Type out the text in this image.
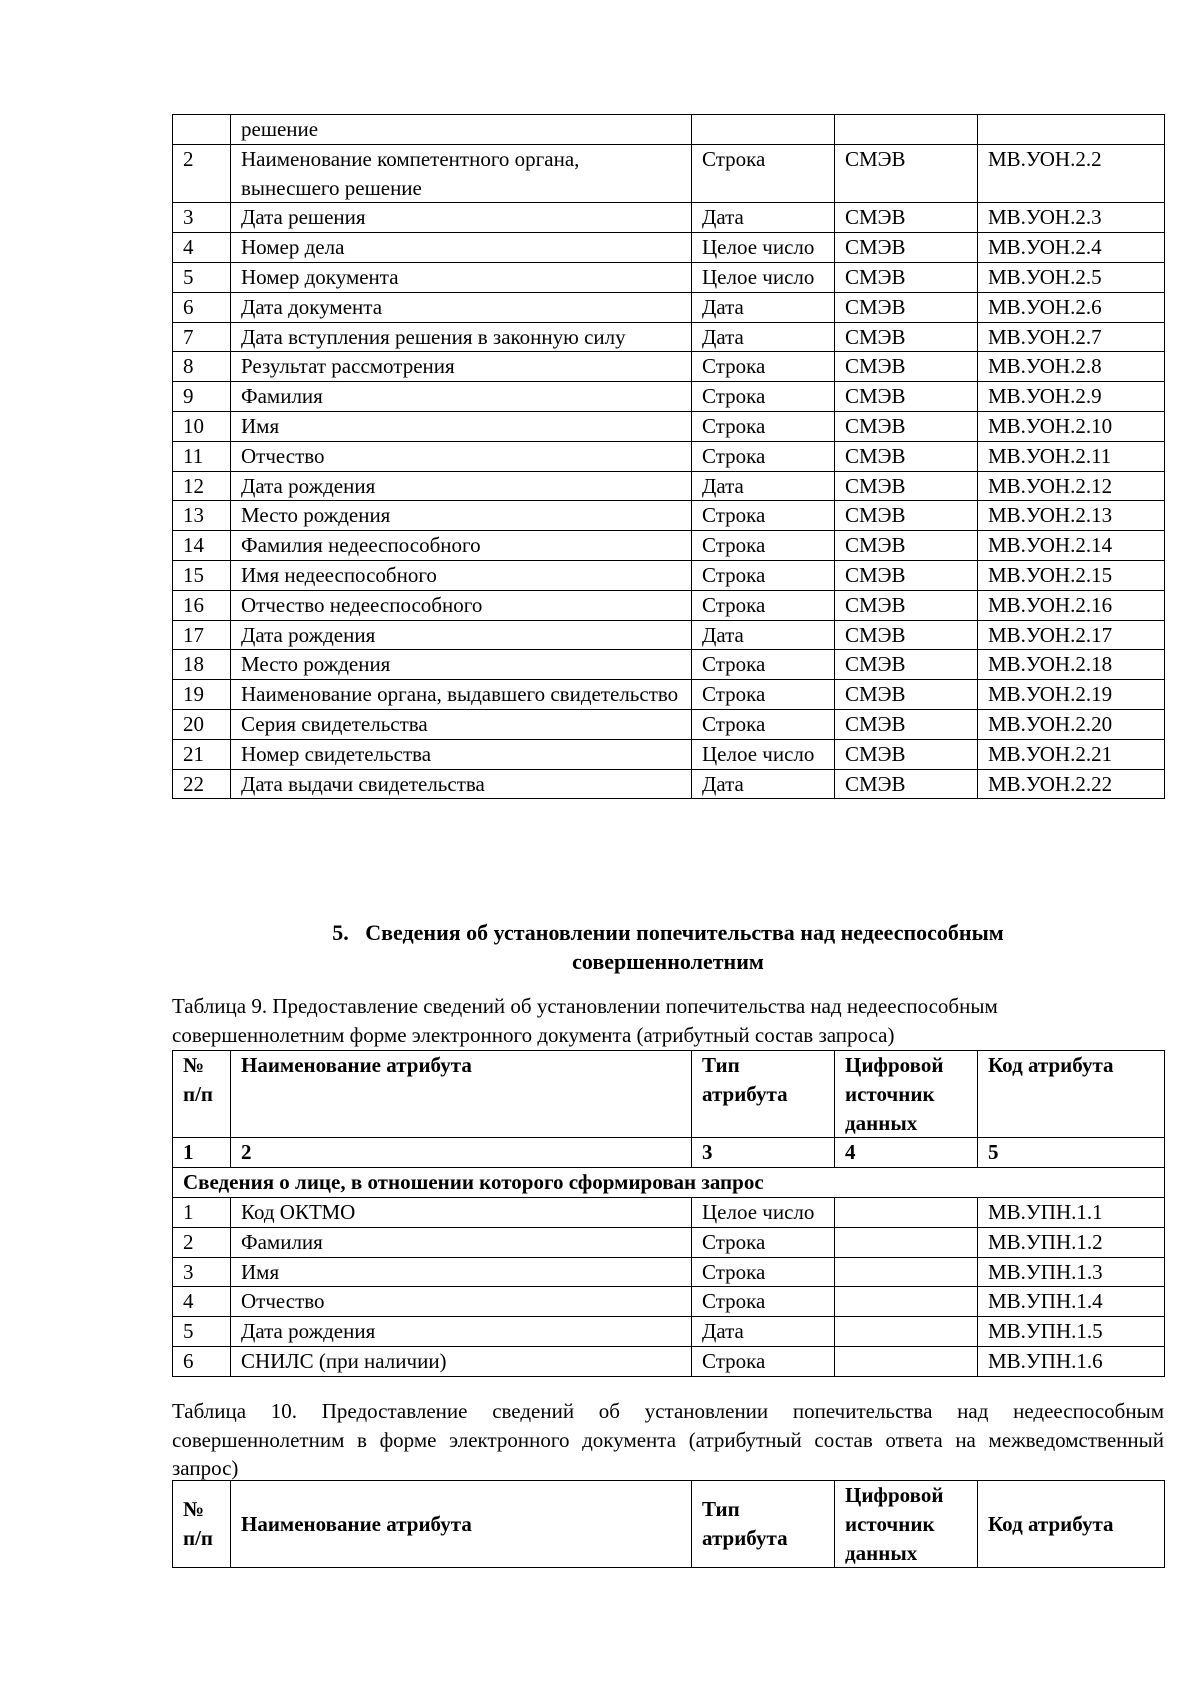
	решение			
2	Наименование компетентного органа, вынесшего решение	Строка	СМЭВ	МВ.УОН.2.2
3	Дата решения	Дата	СМЭВ	МВ.УОН.2.3
4	Номер дела	Целое число	СМЭВ	МВ.УОН.2.4
5	Номер документа	Целое число	СМЭВ	МВ.УОН.2.5
6	Дата документа	Дата	СМЭВ	МВ.УОН.2.6
7	Дата вступления решения в законную силу	Дата	СМЭВ	МВ.УОН.2.7
8	Результат рассмотрения	Строка	СМЭВ	МВ.УОН.2.8
9	Фамилия	Строка	СМЭВ	МВ.УОН.2.9
10	Имя	Строка	СМЭВ	МВ.УОН.2.10
11	Отчество	Строка	СМЭВ	МВ.УОН.2.11
12	Дата рождения	Дата	СМЭВ	МВ.УОН.2.12
13	Место рождения	Строка	СМЭВ	МВ.УОН.2.13
14	Фамилия недееспособного	Строка	СМЭВ	МВ.УОН.2.14
15	Имя недееспособного	Строка	СМЭВ	МВ.УОН.2.15
16	Отчество недееспособного	Строка	СМЭВ	МВ.УОН.2.16
17	Дата рождения	Дата	СМЭВ	МВ.УОН.2.17
18	Место рождения	Строка	СМЭВ	МВ.УОН.2.18
19	Наименование органа, выдавшего свидетельство	Строка	СМЭВ	МВ.УОН.2.19
20	Серия свидетельства	Строка	СМЭВ	МВ.УОН.2.20
21	Номер свидетельства	Целое число	СМЭВ	МВ.УОН.2.21
22	Дата выдачи свидетельства	Дата	СМЭВ	МВ.УОН.2.22
5. Сведения об установлении попечительства над недееспособным
совершеннолетним
Таблица 9. Предоставление сведений об установлении попечительства над недееспособным совершеннолетним форме электронного документа (атрибутный состав запроса)
№ п/п	Наименование атрибута	Тип атрибута	Цифровой источник данных	Код атрибута
1	2	3	4	5
Сведения о лице, в отношении которого сформирован запрос				
1	Код ОКТМО	Целое число		МВ.УПН.1.1
2	Фамилия	Строка		МВ.УПН.1.2
3	Имя	Строка		МВ.УПН.1.3
4	Отчество	Строка		МВ.УПН.1.4
5	Дата рождения	Дата		МВ.УПН.1.5
6	СНИЛС (при наличии)	Строка		МВ.УПН.1.6
Таблица 10. Предоставление сведений об установлении попечительства над недееспособным совершеннолетним в форме электронного документа (атрибутный состав ответа на межведомственный запрос)
№ п/п	Наименование атрибута	Тип атрибута	Цифровой источник данных	Код атрибута
